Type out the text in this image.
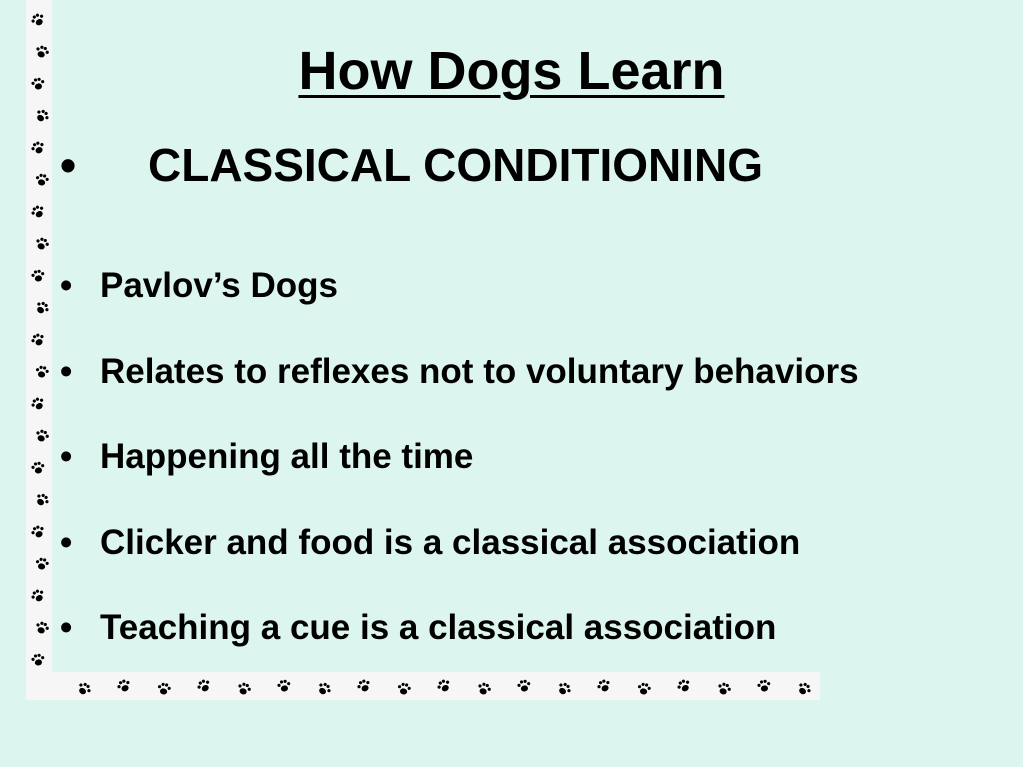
How Dogs Learn
• CLASSICAL CONDITIONING
• Pavlov’s Dogs
• Relates to reflexes not to voluntary behaviors
• Happening all the time
• Clicker and food is a classical association
• Teaching a cue is a classical association
